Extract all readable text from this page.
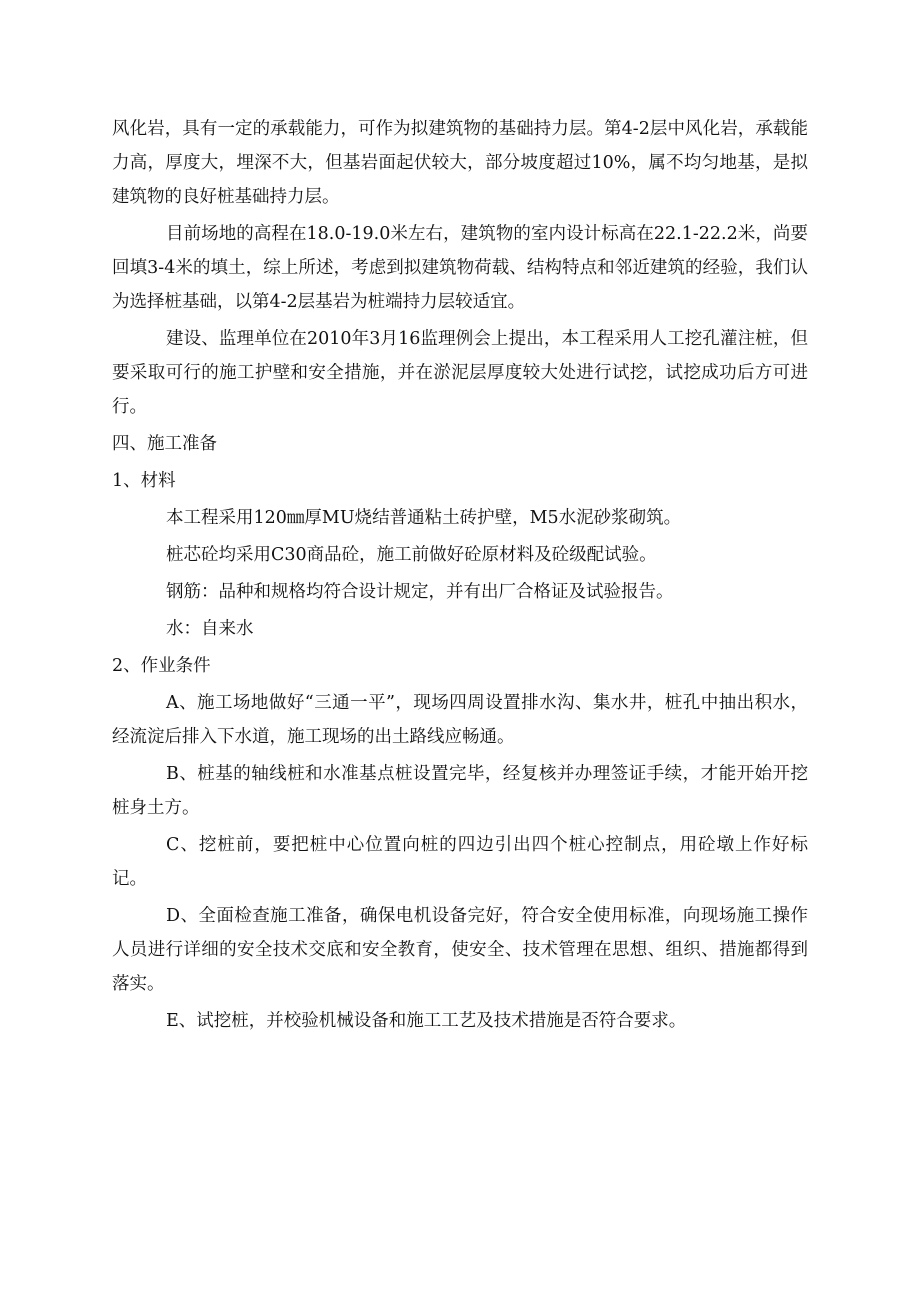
风化岩，具有一定的承载能力，可作为拟建筑物的基础持力层。第4-2层中风化岩，承载能力高，厚度大，埋深不大，但基岩面起伏较大，部分坡度超过10%，属不均匀地基，是拟建筑物的良好桩基础持力层。

目前场地的高程在18.0-19.0米左右，建筑物的室内设计标高在22.1-22.2米，尚要回填3-4米的填土，综上所述，考虑到拟建筑物荷载、结构特点和邻近建筑的经验，我们认为选择桩基础，以第4-2层基岩为桩端持力层较适宜。

建设、监理单位在2010年3月16监理例会上提出，本工程采用人工挖孔灌注桩，但要采取可行的施工护壁和安全措施，并在淤泥层厚度较大处进行试挖，试挖成功后方可进行。

四、施工准备

1、材料

本工程采用120㎜厚MU烧结普通粘土砖护壁，M5水泥砂浆砌筑。

桩芯砼均采用C30商品砼，施工前做好砼原材料及砼级配试验。

钢筋：品种和规格均符合设计规定，并有出厂合格证及试验报告。

水：自来水

2、作业条件

A、施工场地做好“三通一平”，现场四周设置排水沟、集水井，桩孔中抽出积水，经流淀后排入下水道，施工现场的出土路线应畅通。

B、桩基的轴线桩和水准基点桩设置完毕，经复核并办理签证手续，才能开始开挖桩身土方。

C、挖桩前，要把桩中心位置向桩的四边引出四个桩心控制点，用砼墩上作好标记。

D、全面检查施工准备，确保电机设备完好，符合安全使用标准，向现场施工操作人员进行详细的安全技术交底和安全教育，使安全、技术管理在思想、组织、措施都得到落实。

E、试挖桩，并校验机械设备和施工工艺及技术措施是否符合要求。
